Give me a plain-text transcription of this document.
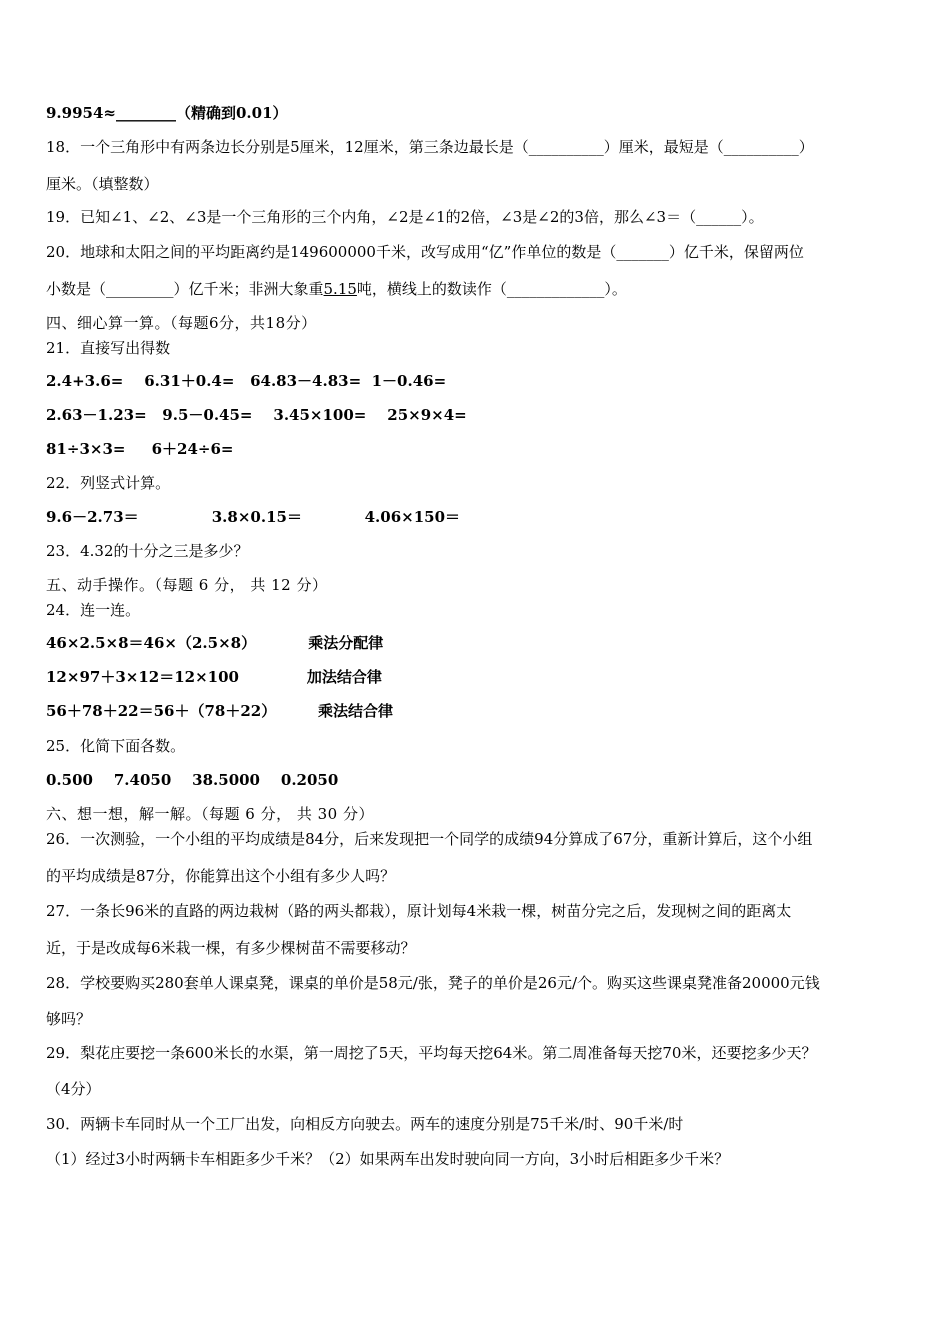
9.9954≈________（精确到0.01）
18．一个三角形中有两条边长分别是5厘米，12厘米，第三条边最长是（__________）厘米，最短是（__________）
厘米。（填整数）
19．已知∠1、∠2、∠3是一个三角形的三个内角，∠2是∠1的2倍，∠3是∠2的3倍，那么∠3＝（______）。
20．地球和太阳之间的平均距离约是149600000千米，改写成用“亿”作单位的数是（_______）亿千米，保留两位
小数是（_________）亿千米；非洲大象重5.15吨，横线上的数读作（_____________）。
四、细心算一算。（每题6分，共18分）
21．直接写出得数
2.4+3.6=    6.31＋0.4=   64.83－4.83=  1－0.46=
2.63－1.23=   9.5－0.45=    3.45×100=    25×9×4=
81÷3×3=     6＋24÷6=
22．列竖式计算。
9.6－2.73＝              3.8×0.15＝            4.06×150＝
23．4.32的十分之三是多少？
五、动手操作。（每题 6 分， 共 12 分）
24．连一连。
46×2.5×8＝46×（2.5×8）          乘法分配律
12×97＋3×12＝12×100             加法结合律
56＋78＋22＝56＋（78＋22）        乘法结合律
25．化简下面各数。
0.500    7.4050    38.5000    0.2050
六、想一想，解一解。（每题 6 分， 共 30 分）
26．一次测验，一个小组的平均成绩是84分，后来发现把一个同学的成绩94分算成了67分，重新计算后，这个小组
的平均成绩是87分，你能算出这个小组有多少人吗？
27．一条长96米的直路的两边栽树（路的两头都栽），原计划每4米栽一棵，树苗分完之后，发现树之间的距离太
近，于是改成每6米栽一棵，有多少棵树苗不需要移动？
28．学校要购买280套单人课桌凳，课桌的单价是58元/张，凳子的单价是26元/个。购买这些课桌凳准备20000元钱
够吗？
29．梨花庄要挖一条600米长的水渠，第一周挖了5天，平均每天挖64米。第二周准备每天挖70米，还要挖多少天？
（4分）
30．两辆卡车同时从一个工厂出发，向相反方向驶去。两车的速度分别是75千米/时、90千米/时
（1）经过3小时两辆卡车相距多少千米？（2）如果两车出发时驶向同一方向，3小时后相距多少千米？
